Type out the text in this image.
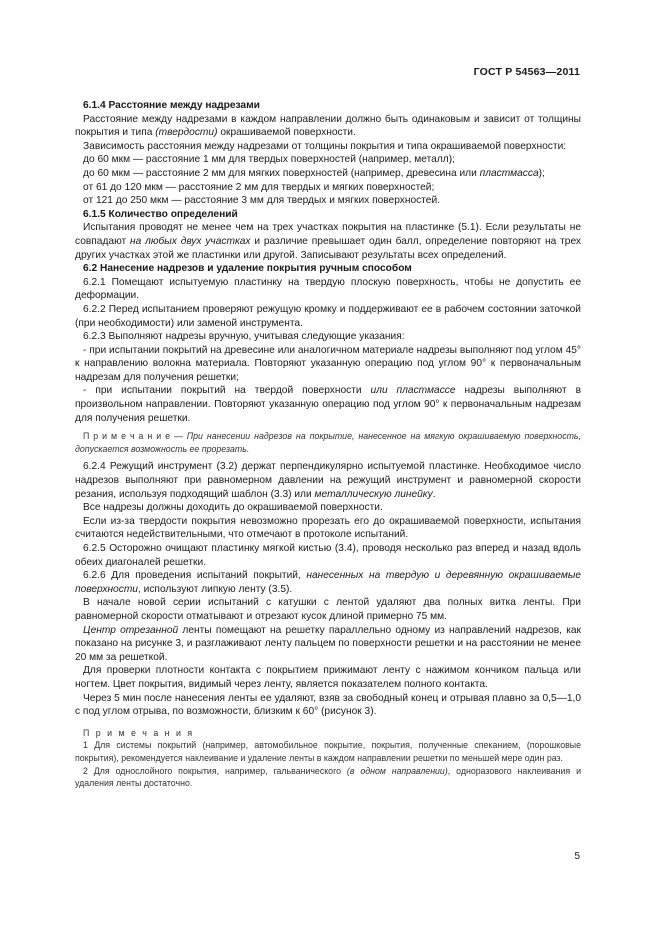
ГОСТ Р 54563—2011
6.1.4 Расстояние между надрезами

Расстояние между надрезами в каждом направлении должно быть одинаковым и зависит от толщины покрытия и типа (твердости) окрашиваемой поверхности.

Зависимость расстояния между надрезами от толщины покрытия и типа окрашиваемой поверхности:

до 60 мкм — расстояние 1 мм для твердых поверхностей (например, металл);

до 60 мкм — расстояние 2 мм для мягких поверхностей (например, древесина или пластмасса);

от 61 до 120 мкм — расстояние 2 мм для твердых и мягких поверхностей;

от 121 до 250 мкм — расстояние 3 мм для твердых и мягких поверхностей.

6.1.5 Количество определений

Испытания проводят не менее чем на трех участках покрытия на пластинке (5.1). Если результаты не совпадают на любых двух участках и различие превышает один балл, определение повторяют на трех других участках этой же пластинки или другой. Записывают результаты всех определений.

6.2 Нанесение надрезов и удаление покрытия ручным способом

6.2.1 Помещают испытуемую пластинку на твердую плоскую поверхность, чтобы не допустить ее деформации.

6.2.2 Перед испытанием проверяют режущую кромку и поддерживают ее в рабочем состоянии заточкой (при необходимости) или заменой инструмента.

6.2.3 Выполняют надрезы вручную, учитывая следующие указания:

- при испытании покрытий на древесине или аналогичном материале надрезы выполняют под углом 45° к направлению волокна материала. Повторяют указанную операцию под углом 90° к первоначальным надрезам для получения решетки;

- при испытании покрытий на твердой поверхности или пластмассе надрезы выполняют в произвольном направлении. Повторяют указанную операцию под углом 90° к первоначальным надрезам для получения решетки.

П р и м е ч а н и е — При нанесении надрезов на покрытие, нанесенное на мягкую окрашиваемую поверхность, допускается возможность ее прорезать.

6.2.4 Режущий инструмент (3.2) держат перпендикулярно испытуемой пластинке. Необходимое число надрезов выполняют при равномерном давлении на режущий инструмент и равномерной скорости резания, используя подходящий шаблон (3.3) или металлическую линейку.

Все надрезы должны доходить до окрашиваемой поверхности.

Если из-за твердости покрытия невозможно прорезать его до окрашиваемой поверхности, испытания считаются недействительными, что отмечают в протоколе испытаний.

6.2.5 Осторожно очищают пластинку мягкой кистью (3.4), проводя несколько раз вперед и назад вдоль обеих диагоналей решетки.

6.2.6 Для проведения испытаний покрытий, нанесенных на твердую и деревянную окрашиваемые поверхности, используют липкую ленту (3.5).

В начале новой серии испытаний с катушки с лентой удаляют два полных витка ленты. При равномерной скорости отматывают и отрезают кусок длиной примерно 75 мм.

Центр отрезанной ленты помещают на решетку параллельно одному из направлений надрезов, как показано на рисунке 3, и разглаживают ленту пальцем по поверхности решетки и на расстоянии не менее 20 мм за решеткой.

Для проверки плотности контакта с покрытием прижимают ленту с нажимом кончиком пальца или ногтем. Цвет покрытия, видимый через ленту, является показателем полного контакта.

Через 5 мин после нанесения ленты ее удаляют, взяв за свободный конец и отрывая плавно за 0,5—1,0 с под углом отрыва, по возможности, близким к 60° (рисунок 3).

П р и м е ч а н и я

1 Для системы покрытий (например, автомобильное покрытие, покрытия, полученные спеканием, (порошковые покрытия), рекомендуется наклеивание и удаление ленты в каждом направлении решетки по меньшей мере один раз.

2 Для однослойного покрытия, например, гальванического (в одном направлении), одноразового наклеивания и удаления ленты достаточно.

5
